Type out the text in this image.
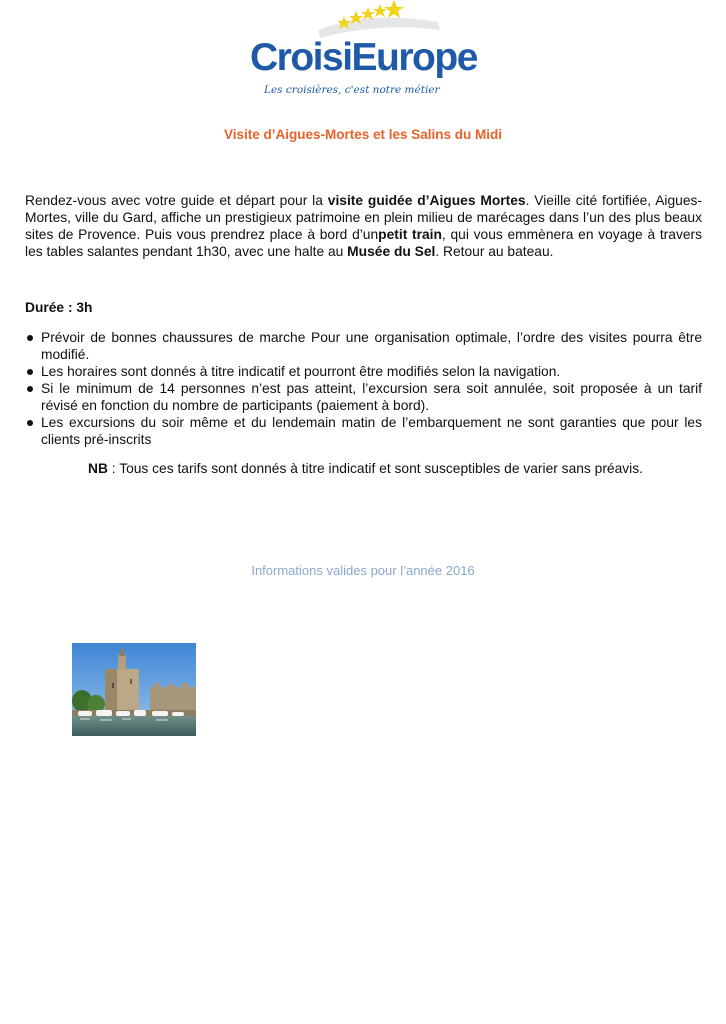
CroisiEurope
Les croisières, c'est notre métier
Visite d’Aigues-Mortes et les Salins du Midi

Rendez-vous avec votre guide et départ pour la visite guidée d’Aigues Mortes. Vieille cité fortifiée, Aigues-Mortes, ville du Gard, affiche un prestigieux patrimoine en plein milieu de marécages dans l’un des plus beaux sites de Provence. Puis vous prendrez place à bord d’unpetit train, qui vous emmènera en voyage à travers les tables salantes pendant 1h30, avec une halte au Musée du Sel. Retour au bateau.

Durée : 3h
Prévoir de bonnes chaussures de marche Pour une organisation optimale, l’ordre des visites pourra être modifié.
Les horaires sont donnés à titre indicatif et pourront être modifiés selon la navigation.
Si le minimum de 14 personnes n’est pas atteint, l’excursion sera soit annulée, soit proposée à un tarif révisé en fonction du nombre de participants (paiement à bord).
Les excursions du soir même et du lendemain matin de l’embarquement ne sont garanties que pour les clients pré-inscrits
NB : Tous ces tarifs sont donnés à titre indicatif et sont susceptibles de varier sans préavis.
Informations valides pour l’année 2016
